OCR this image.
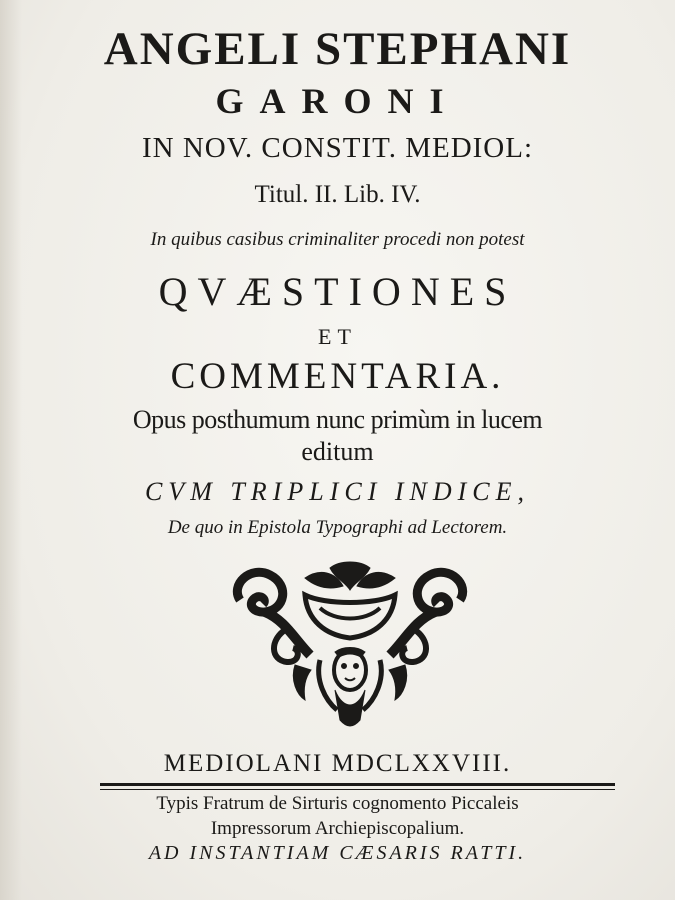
ANGELI STEPHANI
GARONI
IN NOV. CONSTIT. MEDIOL:
Titul. II. Lib. IV.
In quibus casibus criminaliter procedi non potest
QVÆSTIONES
ET
COMMENTARIA.
Opus posthumum nunc primùm in lucem
editum
CVM TRIPLICI INDICE,
De quo in Epistola Typographi ad Lectorem.
MEDIOLANI MDCLXXVIII.
Typis Fratrum de Sirturis cognomento Piccaleis
Impressorum Archiepiscopalium.
AD INSTANTIAM CÆSARIS RATTI.
